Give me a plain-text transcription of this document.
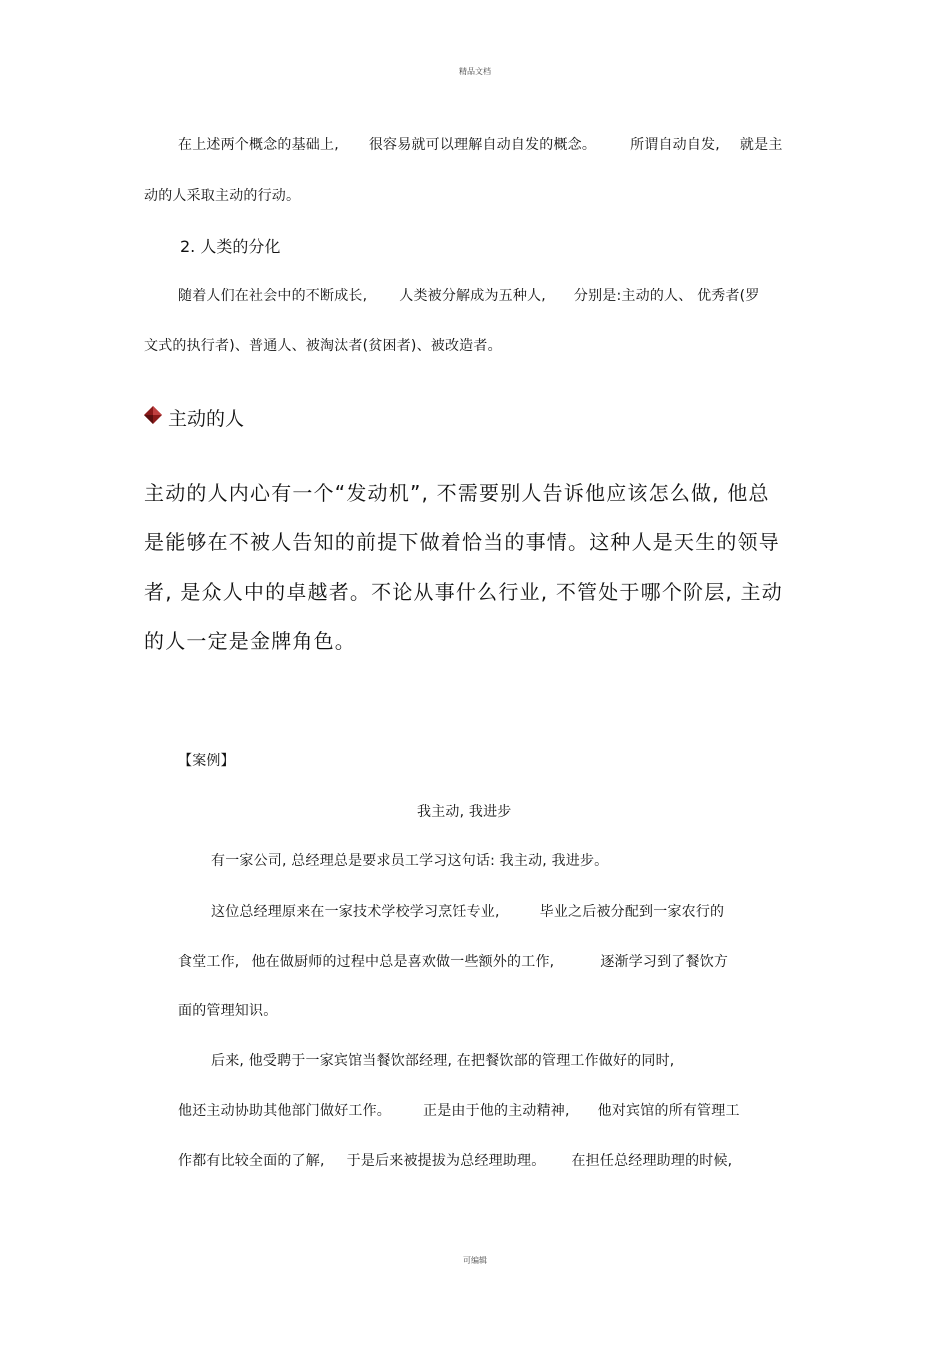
精品文档
在上述两个概念的基础上, 很容易就可以理解自动自发的概念。 所谓自动自发, 就是主
动的人采取主动的行动。
2. 人类的分化
随着人们在社会中的不断成长, 人类被分解成为五种人, 分别是:主动的人、 优秀者(罗
文式的执行者)、普通人、被淘汰者(贫困者)、被改造者。
主动的人
主动的人内心有一个“发动机”, 不需要别人告诉他应该怎么做, 他总
是能够在不被人告知的前提下做着恰当的事情。这种人是天生的领导
者, 是众人中的卓越者。不论从事什么行业, 不管处于哪个阶层, 主动
的人一定是金牌角色。
【案例】
我主动, 我进步
有一家公司, 总经理总是要求员工学习这句话: 我主动, 我进步。
这位总经理原来在一家技术学校学习烹饪专业,	毕业之后被分配到一家农行的
食堂工作, 他在做厨师的过程中总是喜欢做一些额外的工作,	逐渐学习到了餐饮方
面的管理知识。
后来, 他受聘于一家宾馆当餐饮部经理, 在把餐饮部的管理工作做好的同时,
他还主动协助其他部门做好工作。 正是由于他的主动精神, 他对宾馆的所有管理工
作都有比较全面的了解, 于是后来被提拔为总经理助理。 在担任总经理助理的时候,
可编辑
